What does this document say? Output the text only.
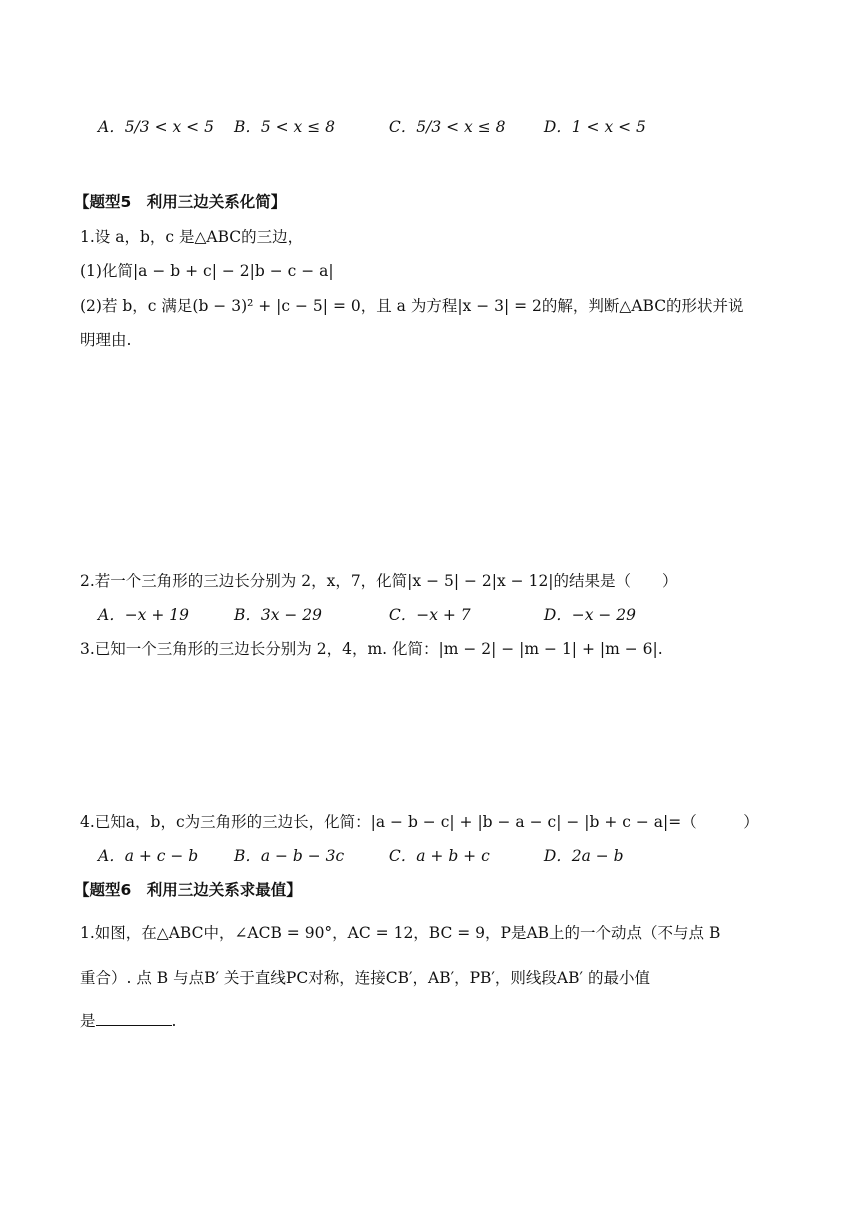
A．5/3 < x < 5 B．5 < x ≤ 8	C．5/3 < x ≤ 8 D．1 < x < 5
【题型5　利用三边关系化简】
1.设 a，b，c 是△ABC的三边，
(1)化简|a − b + c| − 2|b − c − a|
(2)若 b，c 满足(b − 3)² + |c − 5| = 0，且 a 为方程|x − 3| = 2的解，判断△ABC的形状并说
明理由.
2.若一个三角形的三边长分别为 2，x，7，化简|x − 5| − 2|x − 12|的结果是（　　）
A．−x + 19	B．3x − 29	C．−x + 7	D．−x − 29
3.已知一个三角形的三边长分别为 2，4，m. 化简：|m − 2| − |m − 1| + |m − 6|.
4.已知a，b，c为三角形的三边长，化简：|a − b − c| + |b − a − c| − |b + c − a|=（　　　）
A．a + c − b B．a − b − 3c	C．a + b + c	D．2a − b
【题型6　利用三边关系求最值】
1.如图，在△ABC中，∠ACB = 90°，AC = 12，BC = 9，P是AB上的一个动点（不与点 B
重合）. 点 B 与点B′ 关于直线PC对称，连接CB′，AB′，PB′，则线段AB′ 的最小值
是	.
